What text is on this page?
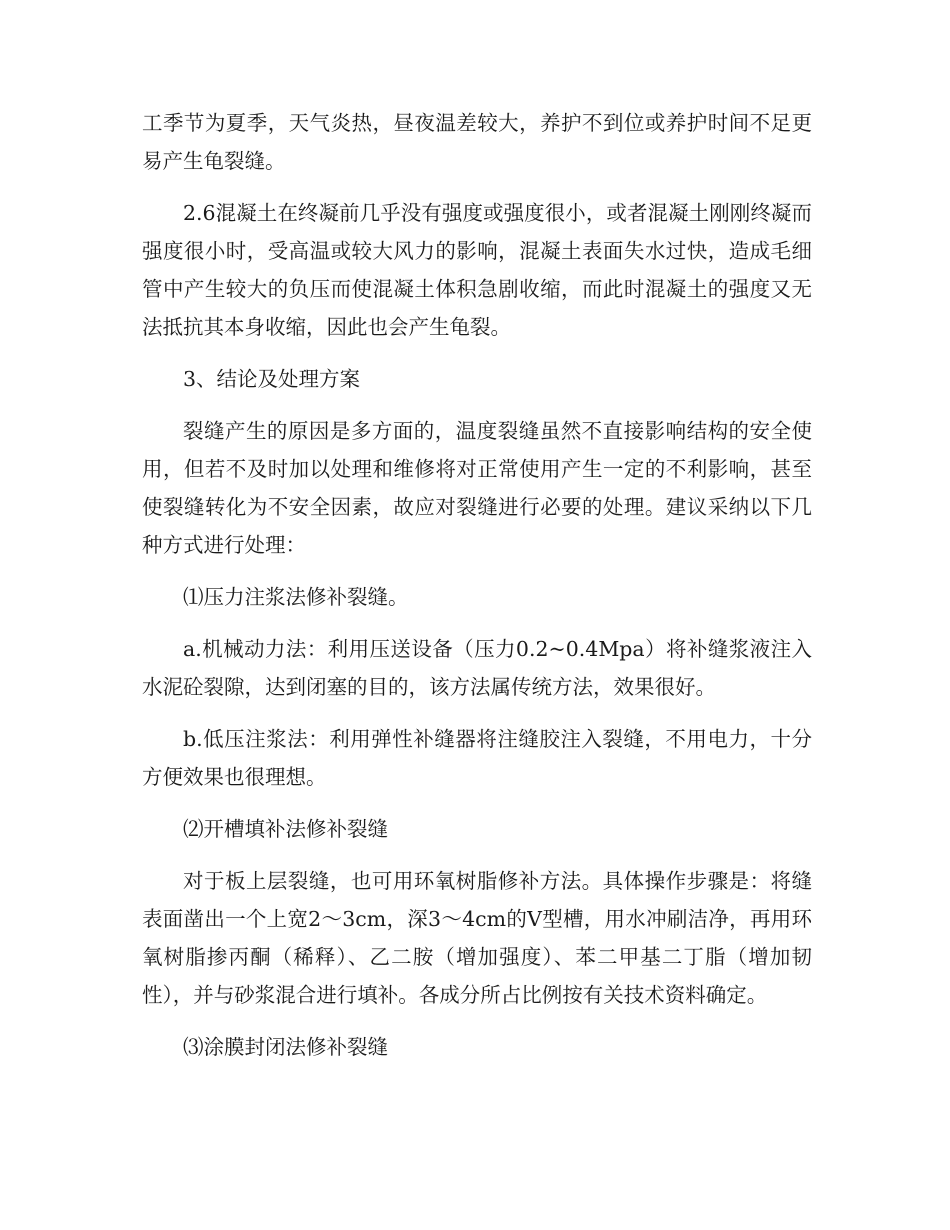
工季节为夏季，天气炎热，昼夜温差较大，养护不到位或养护时间不足更易产生龟裂缝。

2.6混凝土在终凝前几乎没有强度或强度很小，或者混凝土刚刚终凝而强度很小时，受高温或较大风力的影响，混凝土表面失水过快，造成毛细管中产生较大的负压而使混凝土体积急剧收缩，而此时混凝土的强度又无法抵抗其本身收缩，因此也会产生龟裂。

3、结论及处理方案

裂缝产生的原因是多方面的，温度裂缝虽然不直接影响结构的安全使用，但若不及时加以处理和维修将对正常使用产生一定的不利影响，甚至使裂缝转化为不安全因素，故应对裂缝进行必要的处理。建议采纳以下几种方式进行处理：

⑴压力注浆法修补裂缝。

a.机械动力法：利用压送设备（压力0.2~0.4Mpa）将补缝浆液注入水泥砼裂隙，达到闭塞的目的，该方法属传统方法，效果很好。

b.低压注浆法：利用弹性补缝器将注缝胶注入裂缝，不用电力，十分方便效果也很理想。

⑵开槽填补法修补裂缝

对于板上层裂缝，也可用环氧树脂修补方法。具体操作步骤是：将缝表面凿出一个上宽2～3cm，深3～4cm的V型槽，用水冲刷洁净，再用环氧树脂掺丙酮（稀释）、乙二胺（增加强度）、苯二甲基二丁脂（增加韧性），并与砂浆混合进行填补。各成分所占比例按有关技术资料确定。

⑶涂膜封闭法修补裂缝
